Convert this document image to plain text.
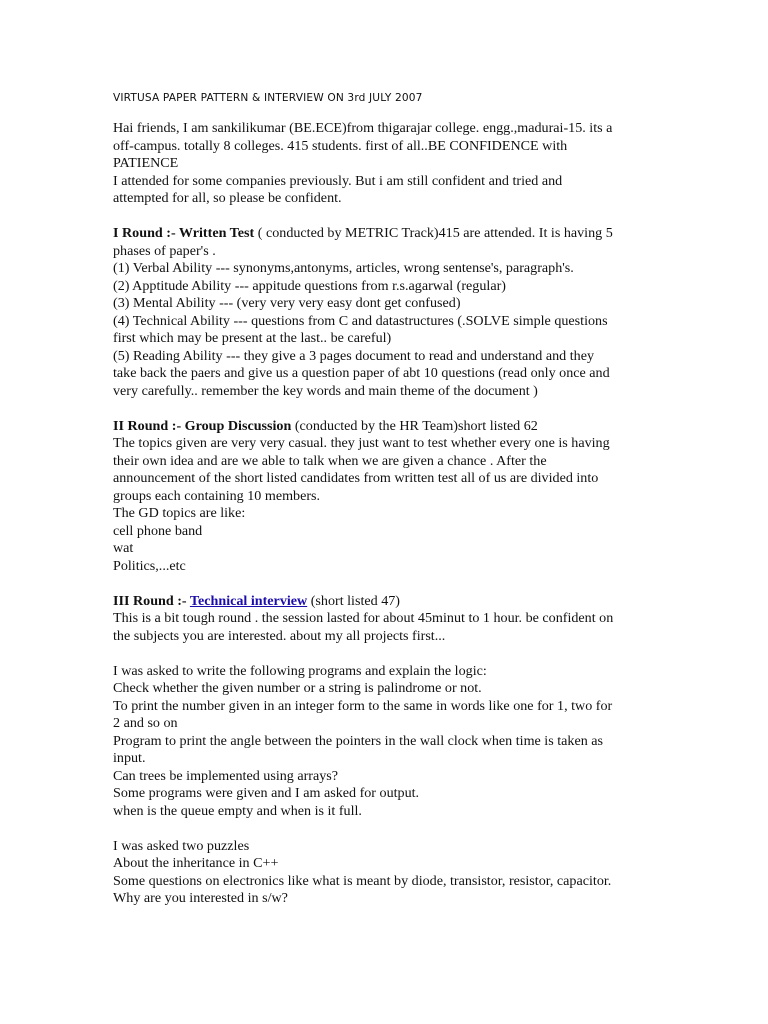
VIRTUSA PAPER PATTERN & INTERVIEW ON 3rd JULY 2007
Hai friends, I am sankilikumar (BE.ECE)from thigarajar college. engg.,madurai-15. its a
off-campus. totally 8 colleges. 415 students. first of all..BE CONFIDENCE with
PATIENCE
I attended for some companies previously. But i am still confident and tried and
attempted for all, so please be confident.
I Round :- Written Test ( conducted by METRIC Track)415 are attended. It is having 5
phases of paper's .
(1) Verbal Ability --- synonyms,antonyms, articles, wrong sentense's, paragraph's.
(2) Apptitude Ability --- appitude questions from r.s.agarwal (regular)
(3) Mental Ability --- (very very very easy dont get confused)
(4) Technical Ability --- questions from C and datastructures (.SOLVE simple questions
first which may be present at the last.. be careful)
(5) Reading Ability --- they give a 3 pages document to read and understand and they
take back the paers and give us a question paper of abt 10 questions (read only once and
very carefully.. remember the key words and main theme of the document )
II Round :- Group Discussion (conducted by the HR Team)short listed 62
The topics given are very very casual. they just want to test whether every one is having
their own idea and are we able to talk when we are given a chance . After the
announcement of the short listed candidates from written test all of us are divided into
groups each containing 10 members.
The GD topics are like:
cell phone band
wat
Politics,...etc
III Round :- Technical interview (short listed 47)
This is a bit tough round . the session lasted for about 45minut to 1 hour. be confident on
the subjects you are interested. about my all projects first...
I was asked to write the following programs and explain the logic:
Check whether the given number or a string is palindrome or not.
To print the number given in an integer form to the same in words like one for 1, two for
2 and so on
Program to print the angle between the pointers in the wall clock when time is taken as
input.
Can trees be implemented using arrays?
Some programs were given and I am asked for output.
when is the queue empty and when is it full.
I was asked two puzzles
About the inheritance in C++
Some questions on electronics like what is meant by diode, transistor, resistor, capacitor.
Why are you interested in s/w?
